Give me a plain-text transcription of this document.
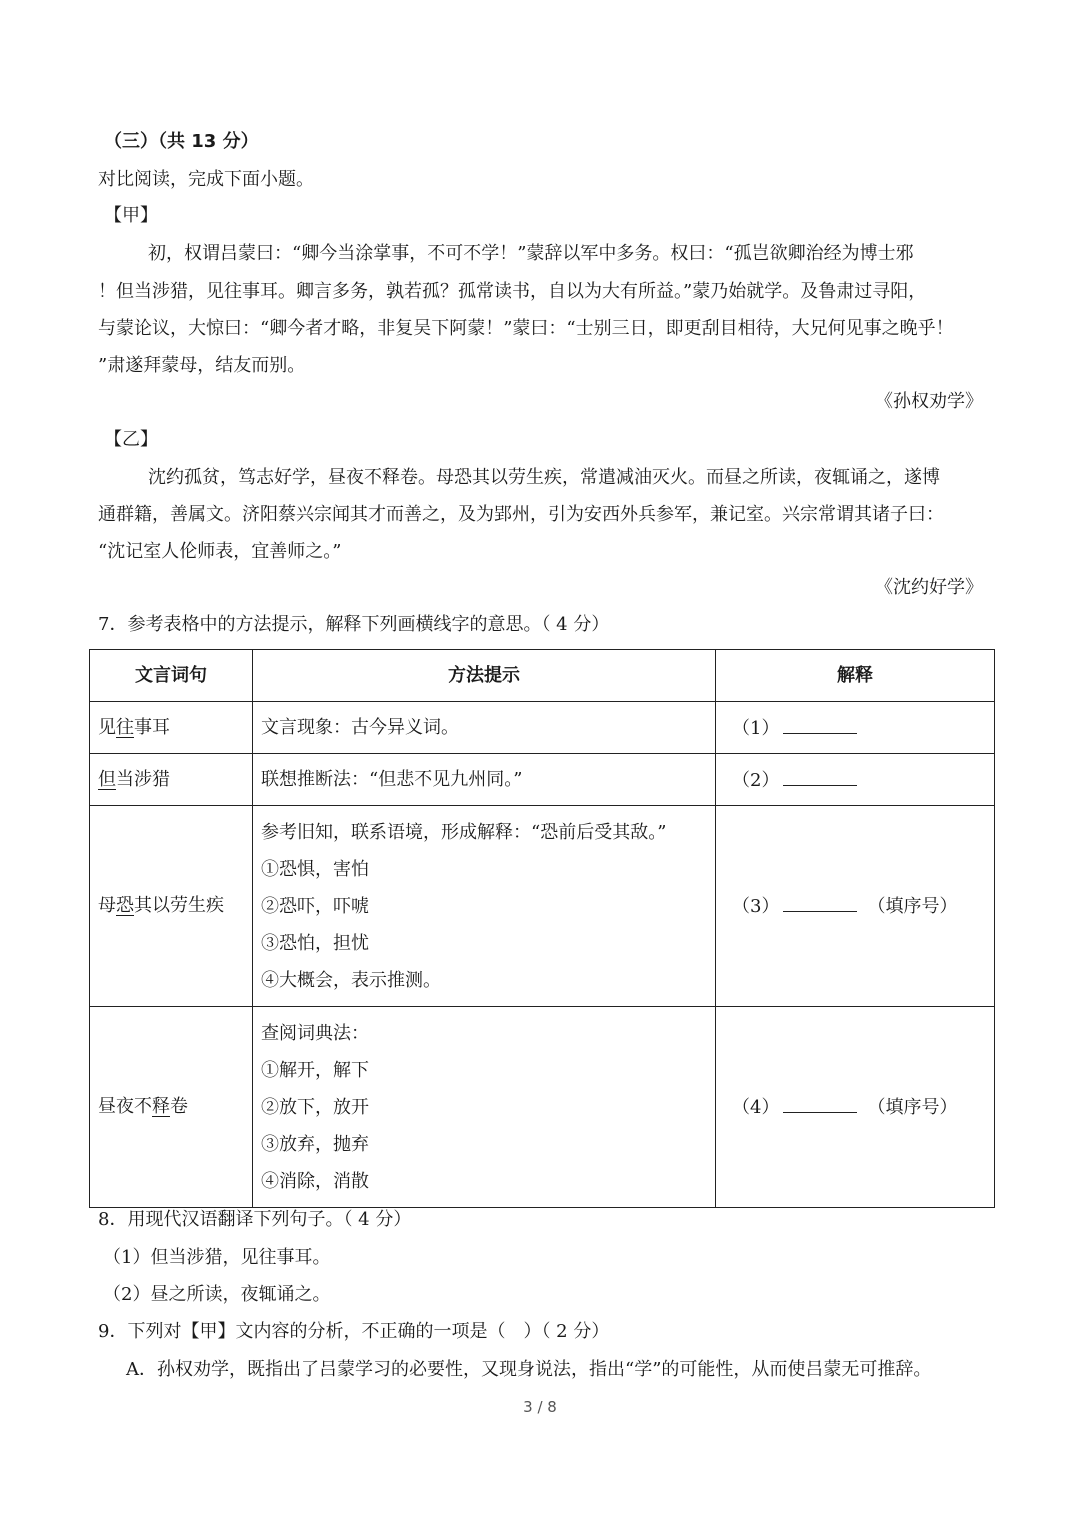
（三）（共 13 分）
对比阅读，完成下面小题。
【甲】
初，权谓吕蒙曰：“卿今当涂掌事，不可不学！”蒙辞以军中多务。权曰：“孤岂欲卿治经为博士邪
！但当涉猎，见往事耳。卿言多务，孰若孤？孤常读书，自以为大有所益。”蒙乃始就学。及鲁肃过寻阳，
与蒙论议，大惊曰：“卿今者才略，非复吴下阿蒙！”蒙曰：“士别三日，即更刮目相待，大兄何见事之晚乎！
”肃遂拜蒙母，结友而别。
《孙权劝学》
【乙】
沈约孤贫，笃志好学，昼夜不释卷。母恐其以劳生疾，常遣减油灭火。而昼之所读，夜辄诵之，遂博
通群籍，善属文。济阳蔡兴宗闻其才而善之，及为郢州，引为安西外兵参军，兼记室。兴宗常谓其诸子曰：
“沈记室人伦师表，宜善师之。”
《沈约好学》
7．参考表格中的方法提示，解释下列画横线字的意思。（ 4 分）
文言词句	方法提示	解释
见往事耳	文言现象：古今异义词。	（1）
但当涉猎	联想推断法：“但悲不见九州同。”	（2）
母恐其以劳生疾	参考旧知，联系语境，形成解释：“恐前后受其敌。”
①恐惧，害怕
②恐吓，吓唬
③恐怕，担忧
④大概会，表示推测。	（3） （填序号）
昼夜不释卷	查阅词典法：
①解开，解下
②放下，放开
③放弃，抛弃
④消除，消散	（4） （填序号）
8．用现代汉语翻译下列句子。（ 4 分）
（1）但当涉猎，见往事耳。
（2）昼之所读，夜辄诵之。
9．下列对【甲】文内容的分析，不正确的一项是（　）（ 2 分）
A．孙权劝学，既指出了吕蒙学习的必要性，又现身说法，指出“学”的可能性，从而使吕蒙无可推辞。
3 / 8
